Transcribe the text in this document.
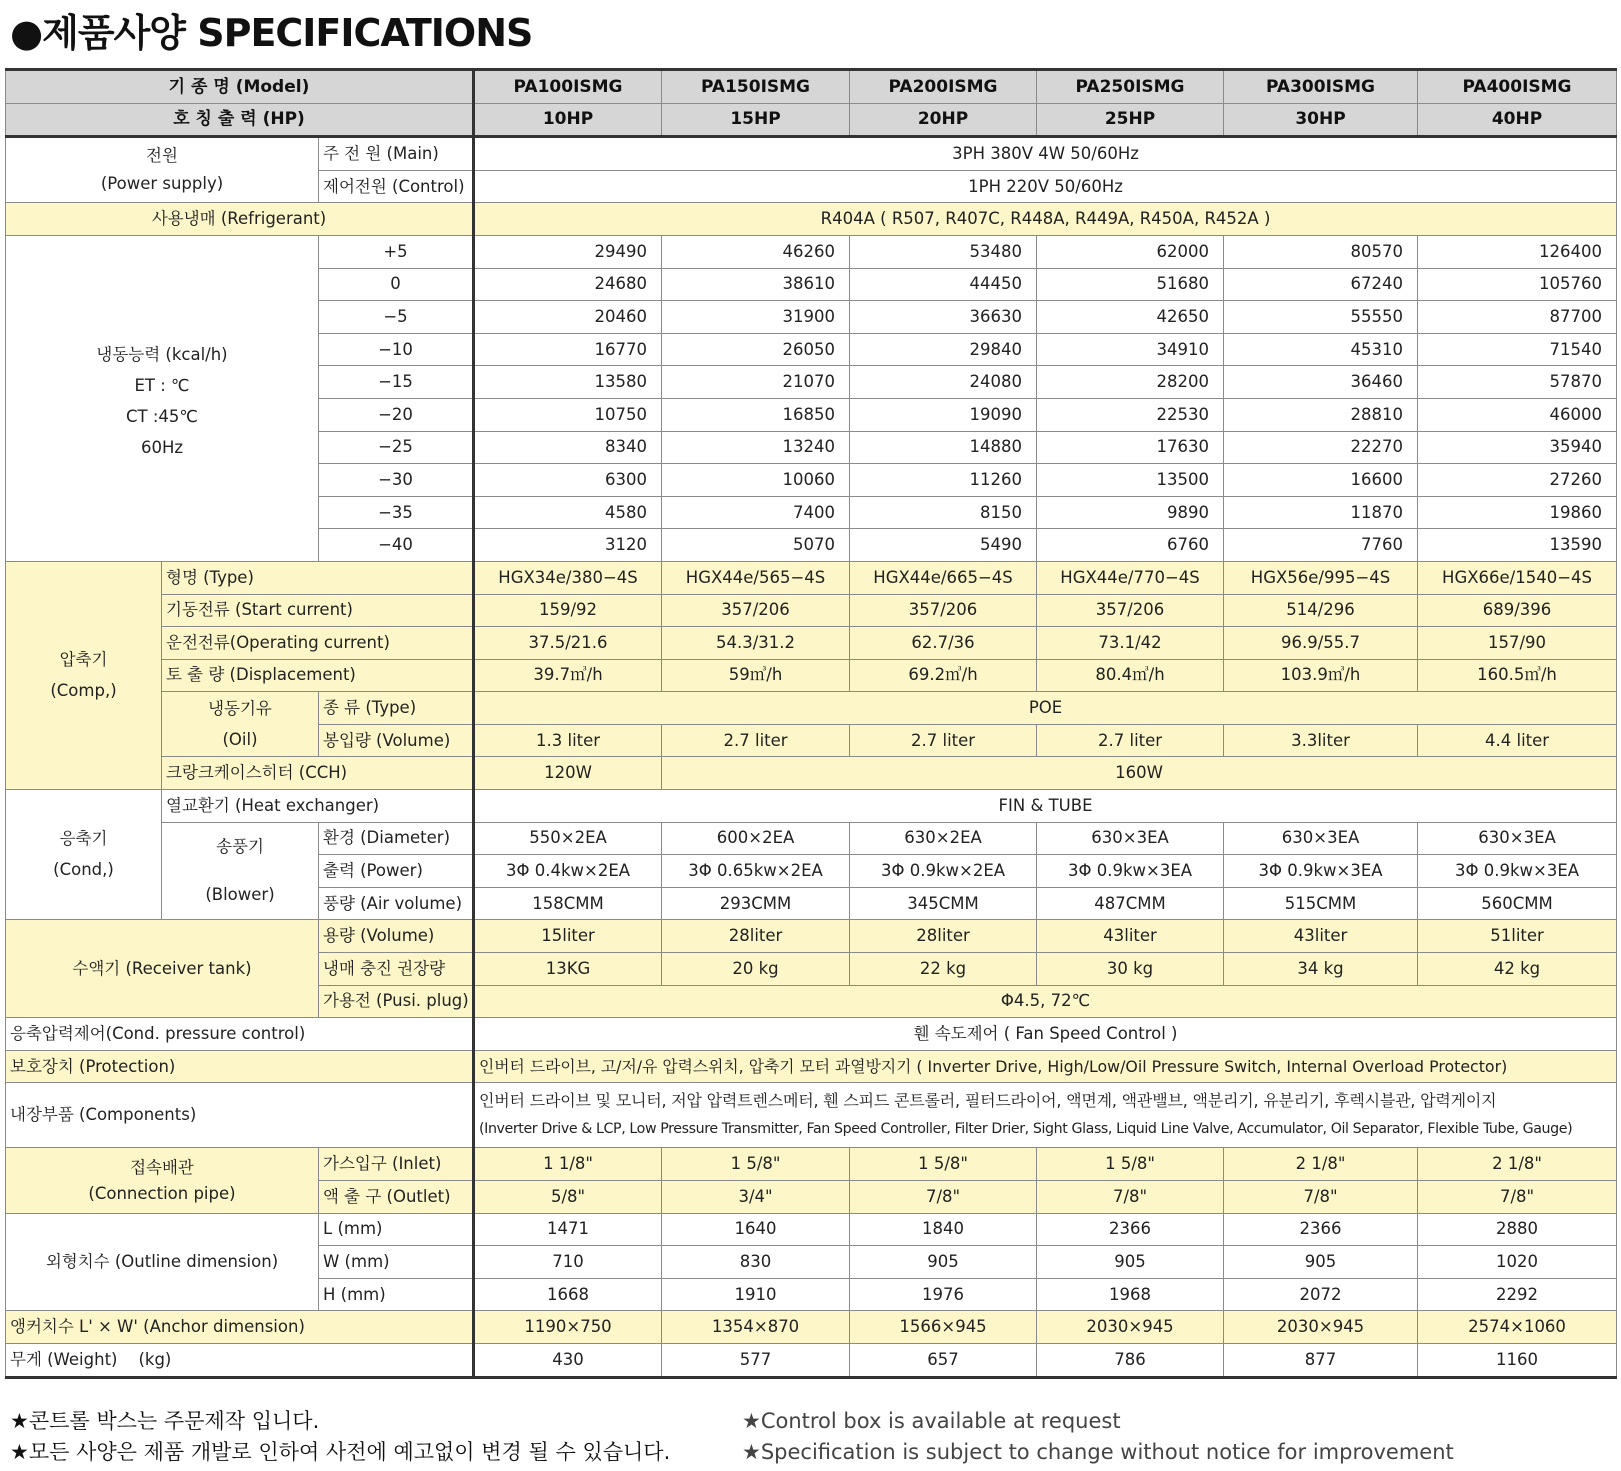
●제품사양 SPECIFICATIONS
기 종 명 (Model)			PA100ISMG	PA150ISMG	PA200ISMG	PA250ISMG	PA300ISMG	PA400ISMG
호 칭 출 력 (HP)			10HP	15HP	20HP	25HP	30HP	40HP

전원
(Power supply)		주 전 원 (Main)	3PH 380V 4W 50/60Hz					
		제어전원 (Control)	1PH 220V 50/60Hz					
사용냉매 (Refrigerant)			R404A ( R507, R407C, R448A, R449A, R450A, R452A )					

냉동능력 (kcal/h)
ET : ℃
CT :45℃
60Hz		+5	29490	46260	53480	62000	80570	126400
		0	24680	38610	44450	51680	67240	105760
		−5	20460	31900	36630	42650	55550	87700
		−10	16770	26050	29840	34910	45310	71540
		−15	13580	21070	24080	28200	36460	57870
		−20	10750	16850	19090	22530	28810	46000
		−25	8340	13240	14880	17630	22270	35940
		−30	6300	10060	11260	13500	16600	27260
		−35	4580	7400	8150	9890	11870	19860
		−40	3120	5070	5490	6760	7760	13590

압축기
(Comp,)	형명 (Type)		HGX34e/380−4S	HGX44e/565−4S	HGX44e/665−4S	HGX44e/770−4S	HGX56e/995−4S	HGX66e/1540−4S
	기동전류 (Start current)		159/92	357/206	357/206	357/206	514/296	689/396
	운전전류(Operating current)		37.5/21.6	54.3/31.2	62.7/36	73.1/42	96.9/55.7	157/90
	토 출 량 (Displacement)		39.7㎥/h	59㎥/h	69.2㎥/h	80.4㎥/h	103.9㎥/h	160.5㎥/h

	냉동기유
(Oil)	종 류 (Type)	POE					
		봉입량 (Volume)	1.3 liter	2.7 liter	2.7 liter	2.7 liter	3.3liter	4.4 liter
	크랑크케이스히터 (CCH)		120W	160W				

응축기
(Cond,)	열교환기 (Heat exchanger)		FIN & TUBE					

	송풍기
(Blower)	환경 (Diameter)	550×2EA	600×2EA	630×2EA	630×3EA	630×3EA	630×3EA
		출력 (Power)	3Φ 0.4kw×2EA	3Φ 0.65kw×2EA	3Φ 0.9kw×2EA	3Φ 0.9kw×3EA	3Φ 0.9kw×3EA	3Φ 0.9kw×3EA
		풍량 (Air volume)	158CMM	293CMM	345CMM	487CMM	515CMM	560CMM
수액기 (Receiver tank)		용량 (Volume)	15liter	28liter	28liter	43liter	43liter	51liter
		냉매 충진 권장량	13KG	20 kg	22 kg	30 kg	34 kg	42 kg
		가용전 (Pusi. plug)	Φ4.5, 72℃					
응축압력제어(Cond. pressure control)			휀 속도제어 ( Fan Speed Control )					
보호장치 (Protection)			인버터 드라이브, 고/저/유 압력스위치, 압축기 모터 과열방지기 ( Inverter Drive, High/Low/Oil Pressure Switch, Internal Overload Protector)					
내장부품 (Components)			인버터 드라이브 및 모니터, 저압 압력트렌스메터, 휀 스피드 콘트롤러, 필터드라이어, 액면계, 액관밸브, 액분리기, 유분리기, 후렉시블관, 압력게이지
(Inverter Drive & LCP, Low Pressure Transmitter, Fan Speed Controller, Filter Drier, Sight Glass, Liquid Line Valve, Accumulator, Oil Separator, Flexible Tube, Gauge)					

접속배관
(Connection pipe)		가스입구 (Inlet)	1 1/8"	1 5/8"	1 5/8"	1 5/8"	2 1/8"	2 1/8"
		액 출 구 (Outlet)	5/8"	3/4"	7/8"	7/8"	7/8"	7/8"
외형치수 (Outline dimension)		L (mm)	1471	1640	1840	2366	2366	2880
		W (mm)	710	830	905	905	905	1020
		H (mm)	1668	1910	1976	1968	2072	2292
앵커치수 L' × W' (Anchor dimension)			1190×750	1354×870	1566×945	2030×945	2030×945	2574×1060
무게 (Weight)    (kg)			430	577	657	786	877	1160
★콘트롤 박스는 주문제작 입니다.
★모든 사양은 제품 개발로 인하여 사전에 예고없이 변경 될 수 있습니다.
★Control box is available at request
★Specification is subject to change without notice for improvement
